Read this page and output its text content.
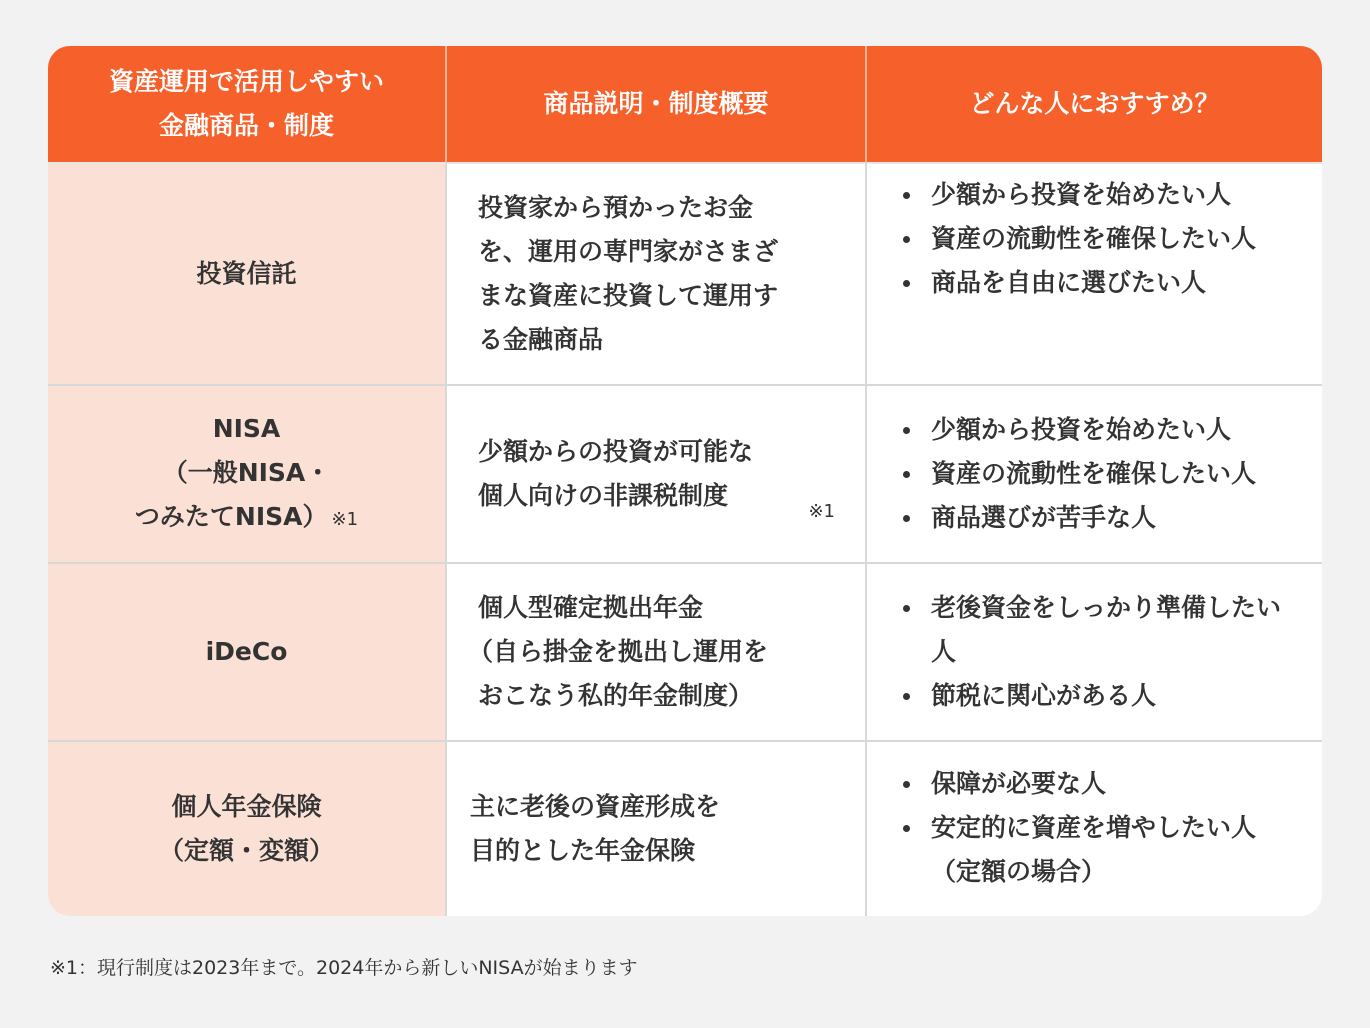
資産運用で活用しやすい
金融商品・制度
商品説明・制度概要	どんな人におすすめ？
投資信託
投資家から預かったお金
を、運用の専門家がさまざ
まな資産に投資して運用す
る金融商品
少額から投資を始めたい人
資産の流動性を確保したい人
商品を自由に選びたい人
NISA
（一般NISA・
つみたてNISA） ※1
少額からの投資が可能な
個人向けの非課税制度
※1
少額から投資を始めたい人
資産の流動性を確保したい人
商品選びが苦手な人
iDeCo
個人型確定拠出年金
（自ら掛金を拠出し運用を
おこなう私的年金制度）
老後資金をしっかり準備したい人
節税に関心がある人
個人年金保険
（定額・変額）
主に老後の資産形成を
目的とした年金保険
保障が必要な人
安定的に資産を増やしたい人（定額の場合）
※1：現行制度は2023年まで。2024年から新しいNISAが始まります
